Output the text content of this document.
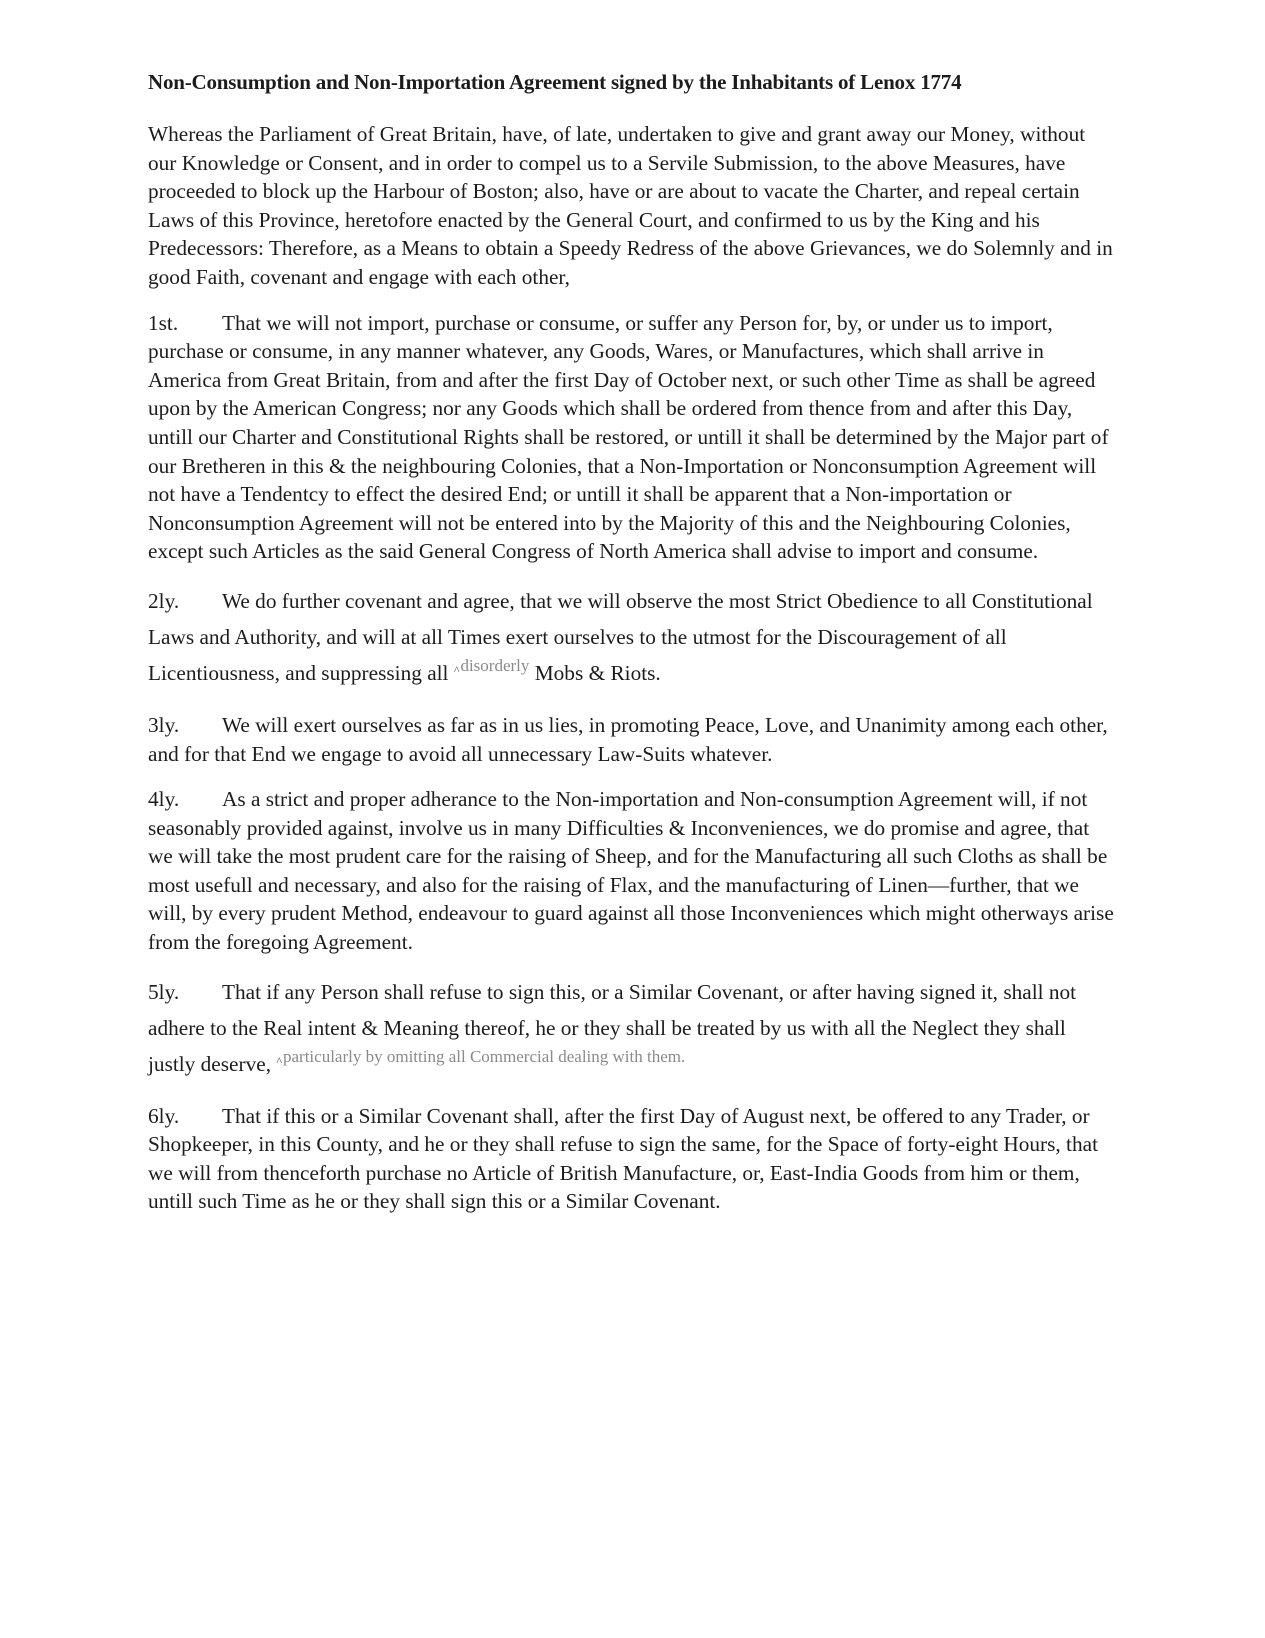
Non-Consumption and Non-Importation Agreement signed by the Inhabitants of Lenox 1774

Whereas the Parliament of Great Britain, have, of late, undertaken to give and grant away our Money, without our Knowledge or Consent, and in order to compel us to a Servile Submission, to the above Measures, have proceeded to block up the Harbour of Boston; also, have or are about to vacate the Charter, and repeal certain Laws of this Province, heretofore enacted by the General Court, and confirmed to us by the King and his Predecessors: Therefore, as a Means to obtain a Speedy Redress of the above Grievances, we do Solemnly and in good Faith, covenant and engage with each other,

1st. That we will not import, purchase or consume, or suffer any Person for, by, or under us to import, purchase or consume, in any manner whatever, any Goods, Wares, or Manufactures, which shall arrive in America from Great Britain, from and after the first Day of October next, or such other Time as shall be agreed upon by the American Congress; nor any Goods which shall be ordered from thence from and after this Day, untill our Charter and Constitutional Rights shall be restored, or untill it shall be determined by the Major part of our Bretheren in this & the neighbouring Colonies, that a Non-Importation or Nonconsumption Agreement will not have a Tendentcy to effect the desired End; or untill it shall be apparent that a Non-importation or Nonconsumption Agreement will not be entered into by the Majority of this and the Neighbouring Colonies, except such Articles as the said General Congress of North America shall advise to import and consume.

2ly. We do further covenant and agree, that we will observe the most Strict Obedience to all Constitutional Laws and Authority, and will at all Times exert ourselves to the utmost for the Discouragement of all Licentiousness, and suppressing all $^{\^{}disorderly}$ Mobs & Riots.

3ly. We will exert ourselves as far as in us lies, in promoting Peace, Love, and Unanimity among each other, and for that End we engage to avoid all unnecessary Law-Suits whatever.

4ly. As a strict and proper adherance to the Non-importation and Non-consumption Agreement will, if not seasonably provided against, involve us in many Difficulties & Inconveniences, we do promise and agree, that we will take the most prudent care for the raising of Sheep, and for the Manufacturing all such Cloths as shall be most usefull and necessary, and also for the raising of Flax, and the manufacturing of Linen—further, that we will, by every prudent Method, endeavour to guard against all those Inconveniences which might otherways arise from the foregoing Agreement.

5ly. That if any Person shall refuse to sign this, or a Similar Covenant, or after having signed it, shall not adhere to the Real intent & Meaning thereof, he or they shall be treated by us with all the Neglect they shall justly deserve, $^{\^{}particularly by omitting all Commercial dealing with them.}$

6ly. That if this or a Similar Covenant shall, after the first Day of August next, be offered to any Trader, or Shopkeeper, in this County, and he or they shall refuse to sign the same, for the Space of forty-eight Hours, that we will from thenceforth purchase no Article of British Manufacture, or, East-India Goods from him or them, untill such Time as he or they shall sign this or a Similar Covenant.
